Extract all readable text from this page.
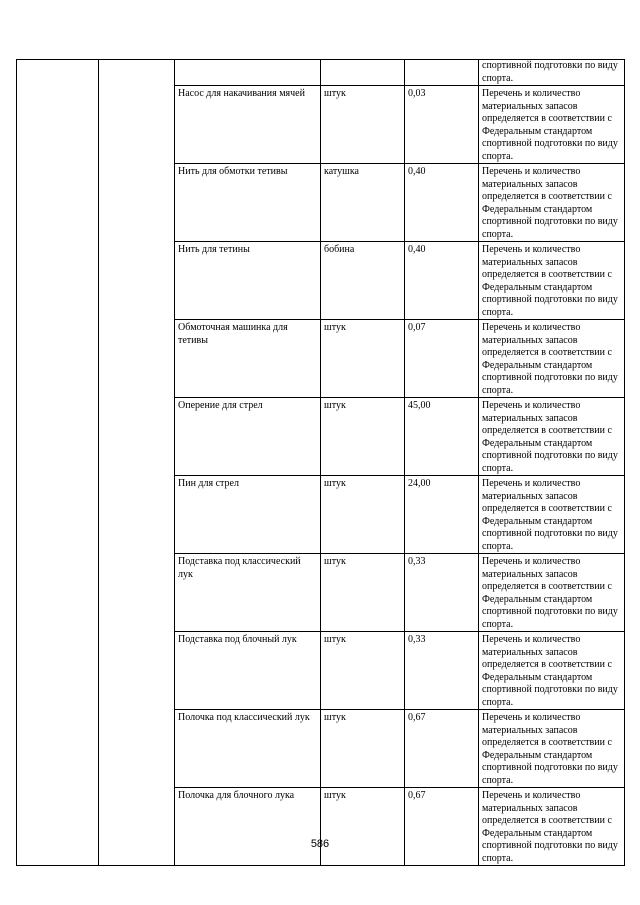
					спортивной подготовки по виду спорта.
		Насос для накачивания мячей	штук	0,03	Перечень и количество материальных запасов определяется в соответствии с Федеральным стандартом спортивной подготовки по виду спорта.
		Нить для обмотки тетивы	катушка	0,40	Перечень и количество материальных запасов определяется в соответствии с Федеральным стандартом спортивной подготовки по виду спорта.
		Нить для тетины	бобина	0,40	Перечень и количество материальных запасов определяется в соответствии с Федеральным стандартом спортивной подготовки по виду спорта.
		Обмоточная машинка для тетивы	штук	0,07	Перечень и количество материальных запасов определяется в соответствии с Федеральным стандартом спортивной подготовки по виду спорта.
		Оперение для стрел	штук	45,00	Перечень и количество материальных запасов определяется в соответствии с Федеральным стандартом спортивной подготовки по виду спорта.
		Пин для стрел	штук	24,00	Перечень и количество материальных запасов определяется в соответствии с Федеральным стандартом спортивной подготовки по виду спорта.
		Подставка под классический лук	штук	0,33	Перечень и количество материальных запасов определяется в соответствии с Федеральным стандартом спортивной подготовки по виду спорта.
		Подставка под блочный лук	штук	0,33	Перечень и количество материальных запасов определяется в соответствии с Федеральным стандартом спортивной подготовки по виду спорта.
		Полочка под классический лук	штук	0,67	Перечень и количество материальных запасов определяется в соответствии с Федеральным стандартом спортивной подготовки по виду спорта.
		Полочка для блочного лука	штук	0,67	Перечень и количество материальных запасов определяется в соответствии с Федеральным стандартом спортивной подготовки по виду спорта.
586
